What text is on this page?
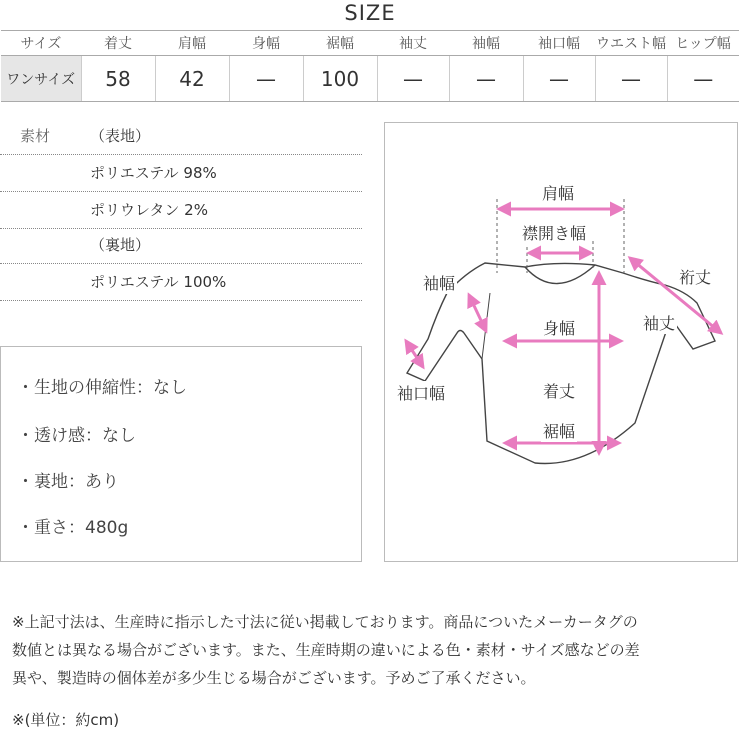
SIZE
サイズ	着丈	肩幅	身幅	裾幅	袖丈	袖幅	袖口幅	ウエスト幅	ヒップ幅
ワンサイズ	58	42	—	100	—	—	—	—	—
素材	（表地）
ポリエステル 98%
ポリウレタン 2%
（裏地）
ポリエステル 100%
・生地の伸縮性：なし
・透け感：なし
・裏地：あり
・重さ：480g
肩幅
襟開き幅
袖幅	裄丈
袖丈
身幅
袖口幅	着丈
裾幅

※上記寸法は、生産時に指示した寸法に従い掲載しております。商品についたメーカータグの

数値とは異なる場合がございます。また、生産時期の違いによる色・素材・サイズ感などの差

異や、製造時の個体差が多少生じる場合がございます。予めご了承ください。

※(単位：約cm)
